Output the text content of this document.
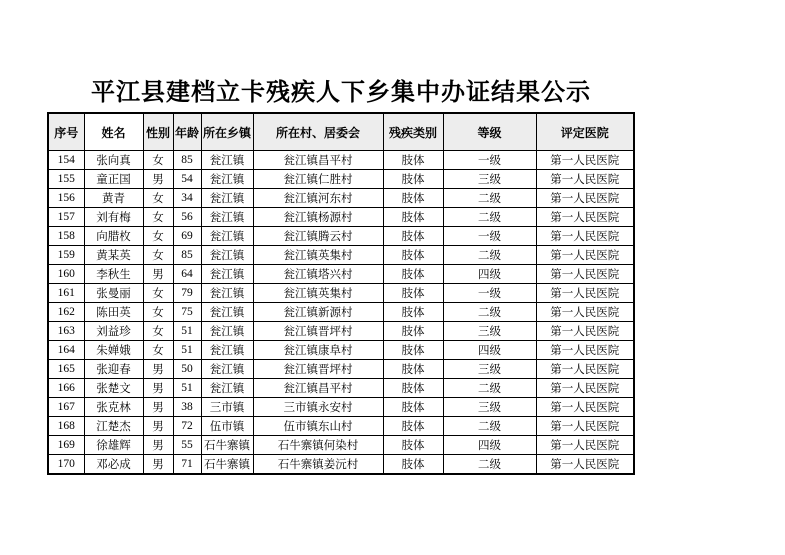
平江县建档立卡残疾人下乡集中办证结果公示
序号	姓名	性别	年龄	所在乡镇	所在村、居委会	残疾类别	等级	评定医院
154	张向真	女	85	瓮江镇	瓮江镇昌平村	肢体	一级	第一人民医院
155	童正国	男	54	瓮江镇	瓮江镇仁胜村	肢体	三级	第一人民医院
156	黄青	女	34	瓮江镇	瓮江镇河东村	肢体	二级	第一人民医院
157	刘有梅	女	56	瓮江镇	瓮江镇杨源村	肢体	二级	第一人民医院
158	向腊枚	女	69	瓮江镇	瓮江镇腾云村	肢体	一级	第一人民医院
159	黄某英	女	85	瓮江镇	瓮江镇英集村	肢体	二级	第一人民医院
160	李秋生	男	64	瓮江镇	瓮江镇塔兴村	肢体	四级	第一人民医院
161	张曼丽	女	79	瓮江镇	瓮江镇英集村	肢体	一级	第一人民医院
162	陈田英	女	75	瓮江镇	瓮江镇新源村	肢体	二级	第一人民医院
163	刘益珍	女	51	瓮江镇	瓮江镇晋坪村	肢体	三级	第一人民医院
164	朱婵娥	女	51	瓮江镇	瓮江镇康阜村	肢体	四级	第一人民医院
165	张迎春	男	50	瓮江镇	瓮江镇晋坪村	肢体	三级	第一人民医院
166	张楚文	男	51	瓮江镇	瓮江镇昌平村	肢体	二级	第一人民医院
167	张克林	男	38	三市镇	三市镇永安村	肢体	三级	第一人民医院
168	江楚杰	男	72	伍市镇	伍市镇东山村	肢体	二级	第一人民医院
169	徐雄辉	男	55	石牛寨镇	石牛寨镇何染村	肢体	四级	第一人民医院
170	邓必成	男	71	石牛寨镇	石牛寨镇姜沅村	肢体	二级	第一人民医院
